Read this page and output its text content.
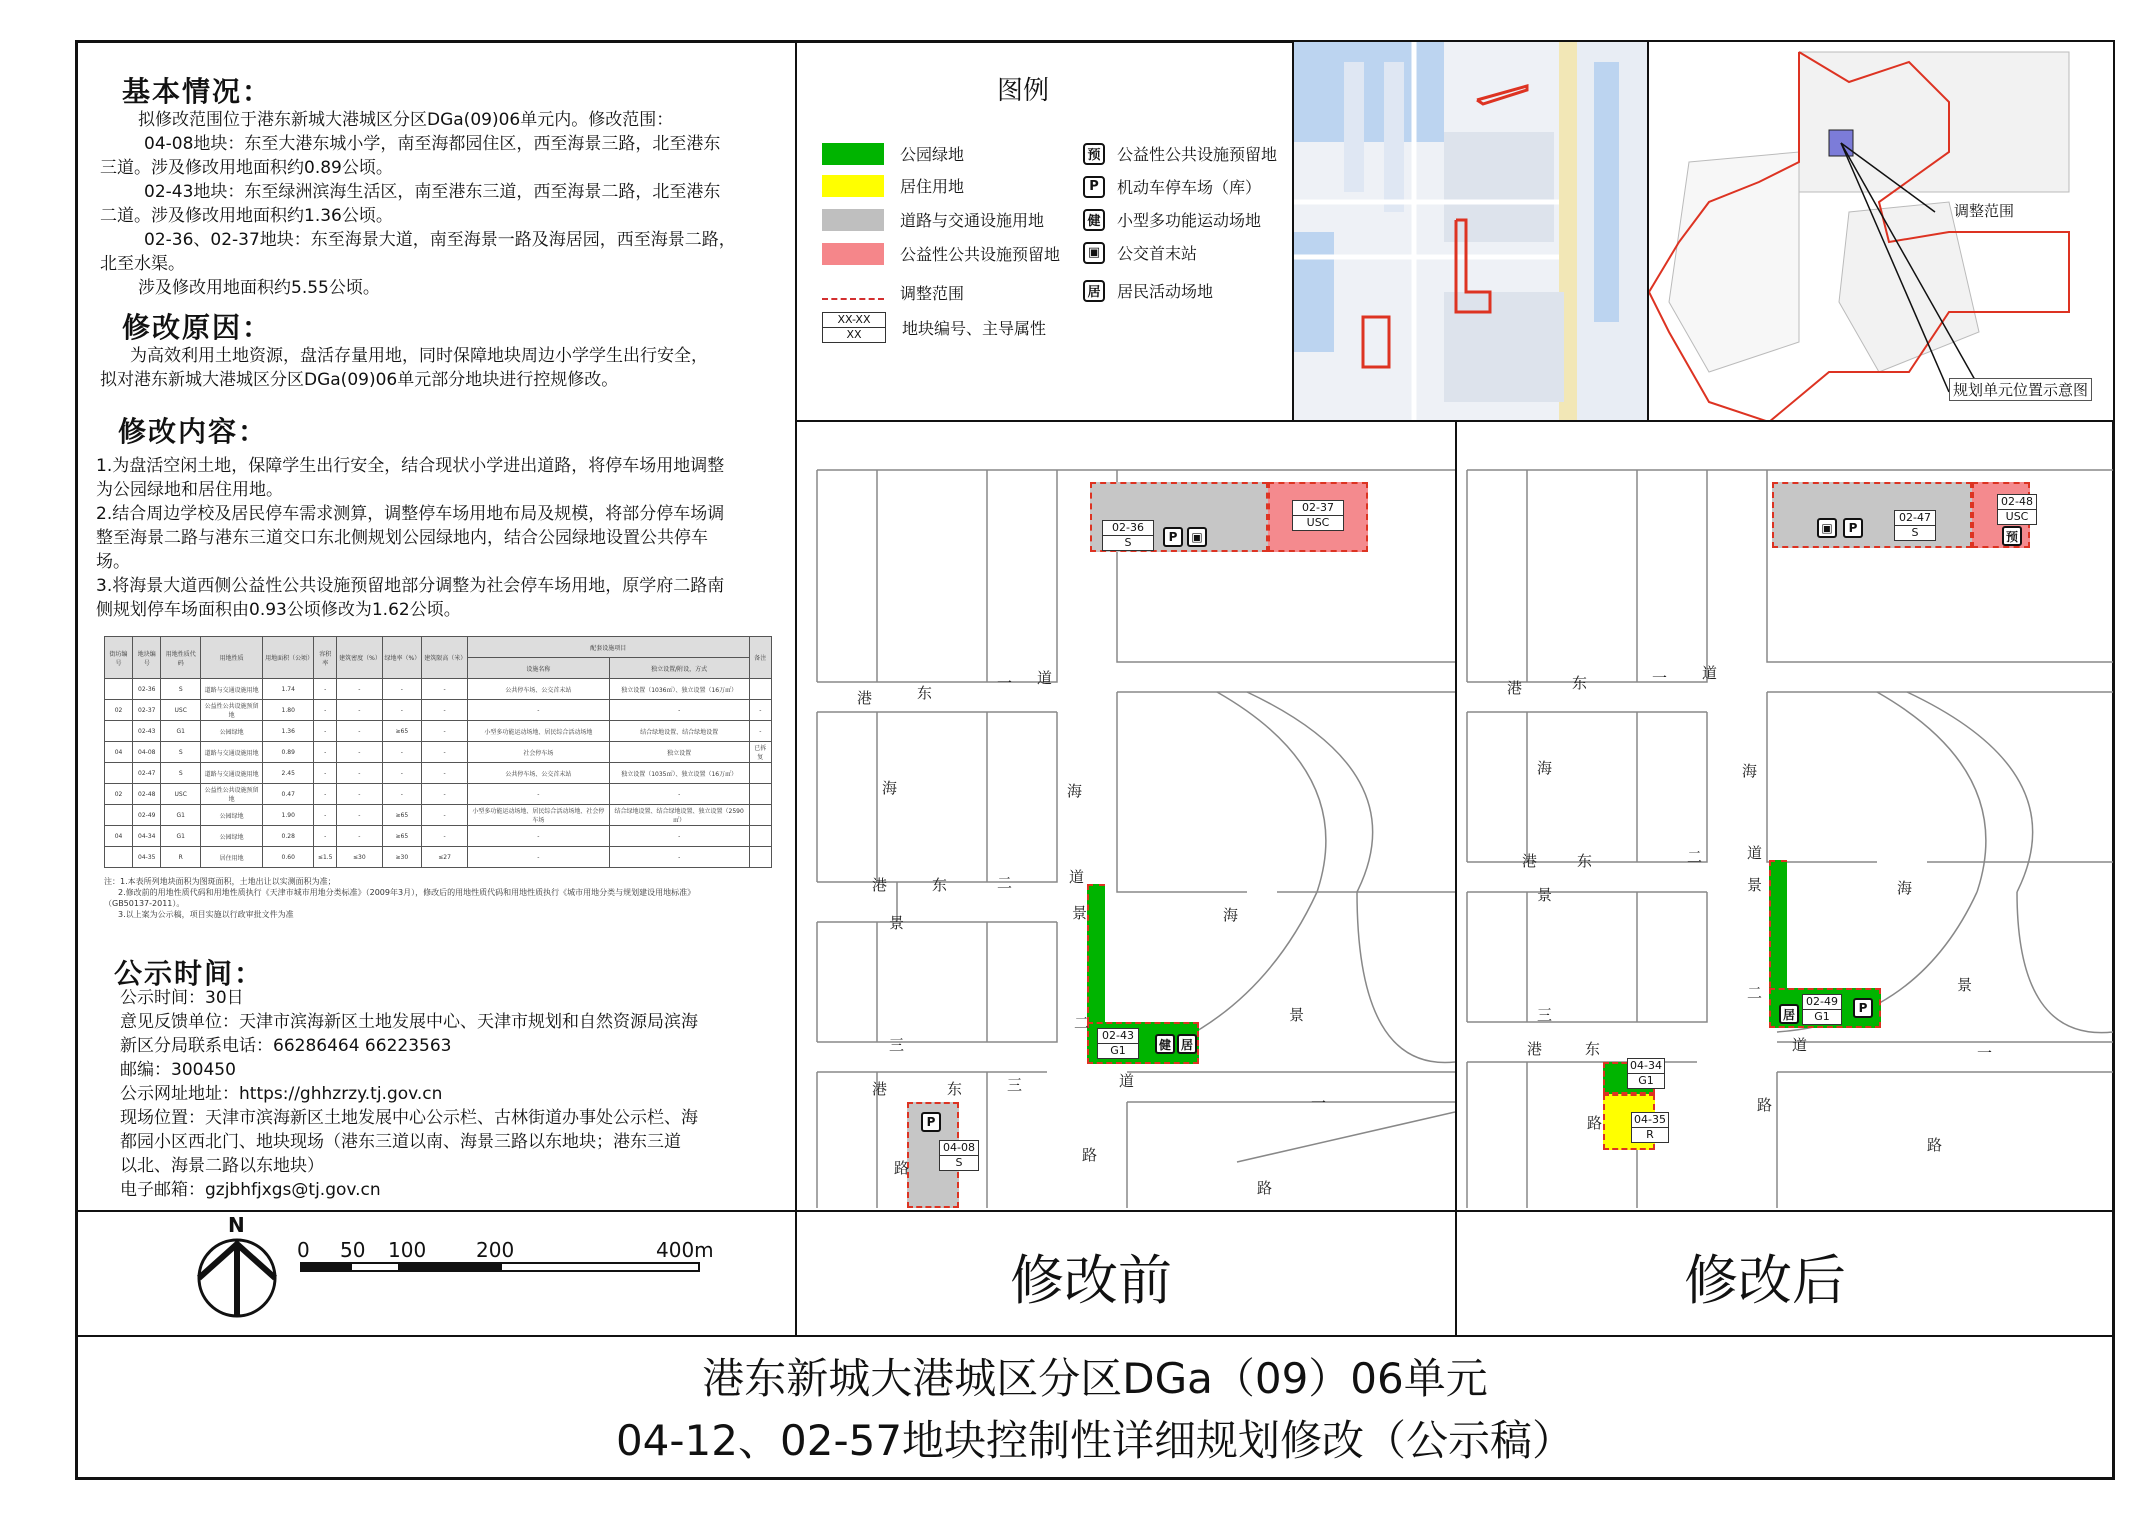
基本情况：
拟修改范围位于港东新城大港城区分区DGa(09)06单元内。修改范围：
04-08地块：东至大港东城小学，南至海都园住区，西至海景三路，北至港东
三道。涉及修改用地面积约0.89公顷。
02-43地块：东至绿洲滨海生活区，南至港东三道，西至海景二路，北至港东
二道。涉及修改用地面积约1.36公顷。
02-36、02-37地块：东至海景大道，南至海景一路及海居园，西至海景二路，
北至水渠。
涉及修改用地面积约5.55公顷。
修改原因：
为高效利用土地资源，盘活存量用地，同时保障地块周边小学学生出行安全，
拟对港东新城大港城区分区DGa(09)06单元部分地块进行控规修改。
修改内容：
1.为盘活空闲土地，保障学生出行安全，结合现状小学进出道路，将停车场用地调整
为公园绿地和居住用地。
2.结合周边学校及居民停车需求测算，调整停车场用地布局及规模，将部分停车场调
整至海景二路与港东三道交口东北侧规划公园绿地内，结合公园绿地设置公共停车
场。
3.将海景大道西侧公益性公共设施预留地部分调整为社会停车场用地，原学府二路南
侧规划停车场面积由0.93公顷修改为1.62公顷。
街坊编号	地块编号	用地性质代码	用地性质	用地面积（公顷）	容积率	建筑密度（%）	绿地率（%）	建筑限高（米）	配套设施项目		备注
									设施名称	独立设置/附设，方式	
	02-36	S	道路与交通设施用地	1.74	-	-	-	-	公共停车场、公交首末站	独立设置（1036㎡）、独立设置（16万㎡）	
02	02-37	USC	公益性公共设施预留地	1.80	-	-	-	-	-	-	-
	02-43	G1	公园绿地	1.36	-	-	≥65	-	小型多功能运动场地、居民综合活动场地	结合绿地设置、结合绿地设置	-
04	04-08	S	道路与交通设施用地	0.89	-	-	-	-	社会停车场	独立设置	已拆复
	02-47	S	道路与交通设施用地	2.45	-	-	-	-	公共停车场、公交首末站	独立设置（1035㎡）、独立设置（16万㎡）	
02	02-48	USC	公益性公共设施预留地	0.47	-	-	-	-	-	-	
	02-49	G1	公园绿地	1.90	-	-	≥65	-	小型多功能运动场地、居民综合活动场地、社会停车场	结合绿地设置、结合绿地设置、独立设置（2590㎡）	
04	04-34	G1	公园绿地	0.28	-	-	≥65	-	-	-	
	04-35	R	居住用地	0.60	≤1.5	≤30	≥30	≤27	-	-	
注：1.本表所列地块面积为图斑面积，土地出让以实测面积为准；
2.修改前的用地性质代码和用地性质执行《天津市城市用地分类标准》（2009年3月），修改后的用地性质代码和用地性质执行《城市用地分类与规划建设用地标准》
（GB50137-2011）。
3.以上案为公示稿，项目实施以行政审批文件为准
公示时间：
公示时间：30日
意见反馈单位：天津市滨海新区土地发展中心、天津市规划和自然资源局滨海
新区分局联系电话：66286464 66223563
邮编：300450
公示网址地址：https://ghhzrzy.tj.gov.cn
现场位置：天津市滨海新区土地发展中心公示栏、古林街道办事处公示栏、海
都园小区西北门、地块现场（港东三道以南、海景三路以东地块；港东三道
以北、海景二路以东地块）
电子邮箱：gzjbhfjxgs@tj.gov.cn
图例
公园绿地
居住用地
道路与交通设施用地
公益性公共设施预留地
调整范围
XX-XX
XX	地块编号、主导属性
预 公益性公共设施预留地
P	机动车停车场（库）
健 小型多功能运动场地
▣	公交首末站
居 居民活动场地
调整范围
规划单元位置示意图
02-36
S
02-37
USC
P	▣
02-43
G1	健 居
P
04-08
S
港	东
一 道
海	海
港	东	二	道
景
景	海
二
三
景
港	东	三	道
一
路
路
路
▣	P
02-47
S
02-48
USC
预
居
02-49
G1
P
04-34
G1
04-35
R
港	东	一 道
海	海
港	东	二	道
景
景	海
二
三
景
港	东	道	一
路
路
路
N
0 50 100 200	400m	修改前	修改后
港东新城大港城区分区DGa（09）06单元
04-12、02-57地块控制性详细规划修改（公示稿）
